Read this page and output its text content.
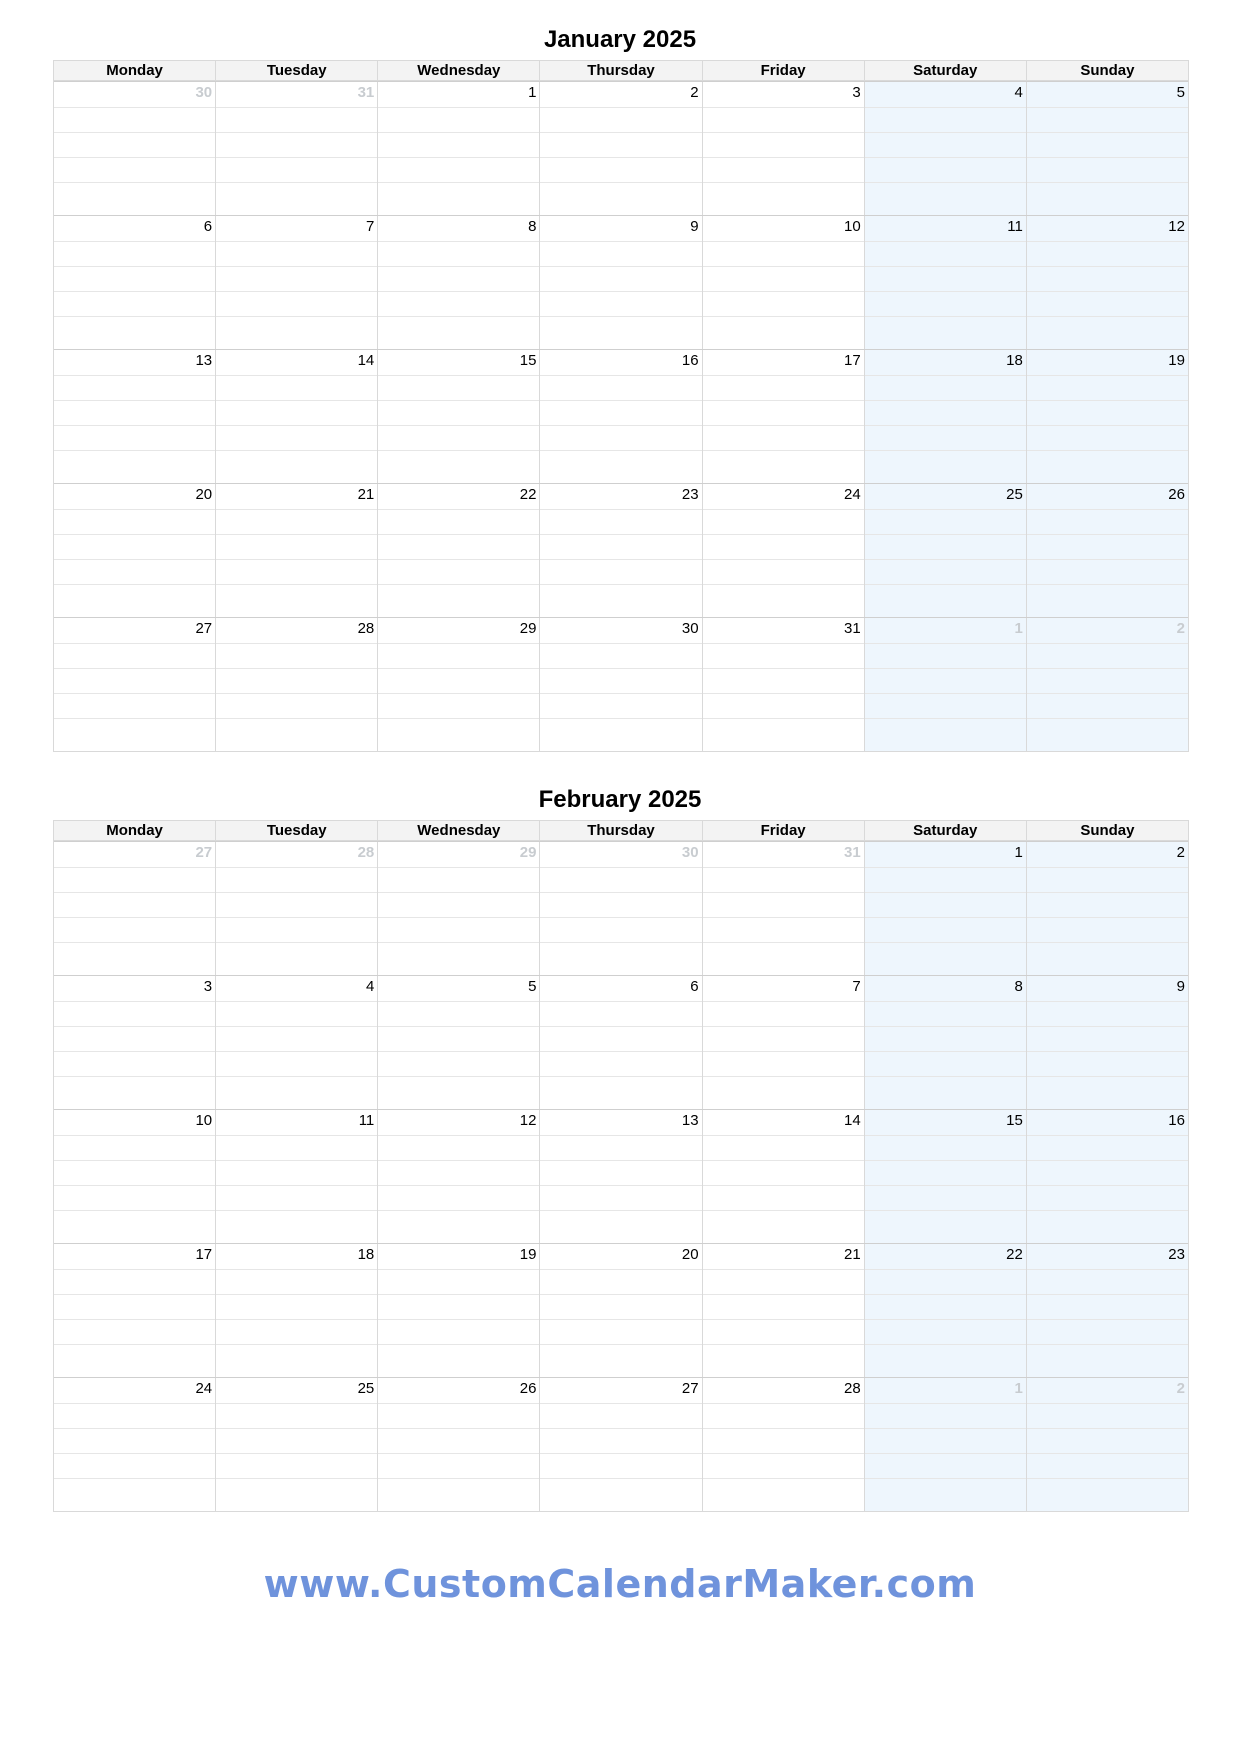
January 2025
Monday	Tuesday	Wednesday	Thursday	Friday	Saturday	Sunday
30	31	1	2	3	4	5
6	7	8	9	10	11	12
13	14	15	16	17	18	19
20	21	22	23	24	25	26
27	28	29	30	31	1	2
February 2025
Monday	Tuesday	Wednesday	Thursday	Friday	Saturday	Sunday
27	28	29	30	31	1	2
3	4	5	6	7	8	9
10	11	12	13	14	15	16
17	18	19	20	21	22	23
24	25	26	27	28	1	2
www.CustomCalendarMaker.com
